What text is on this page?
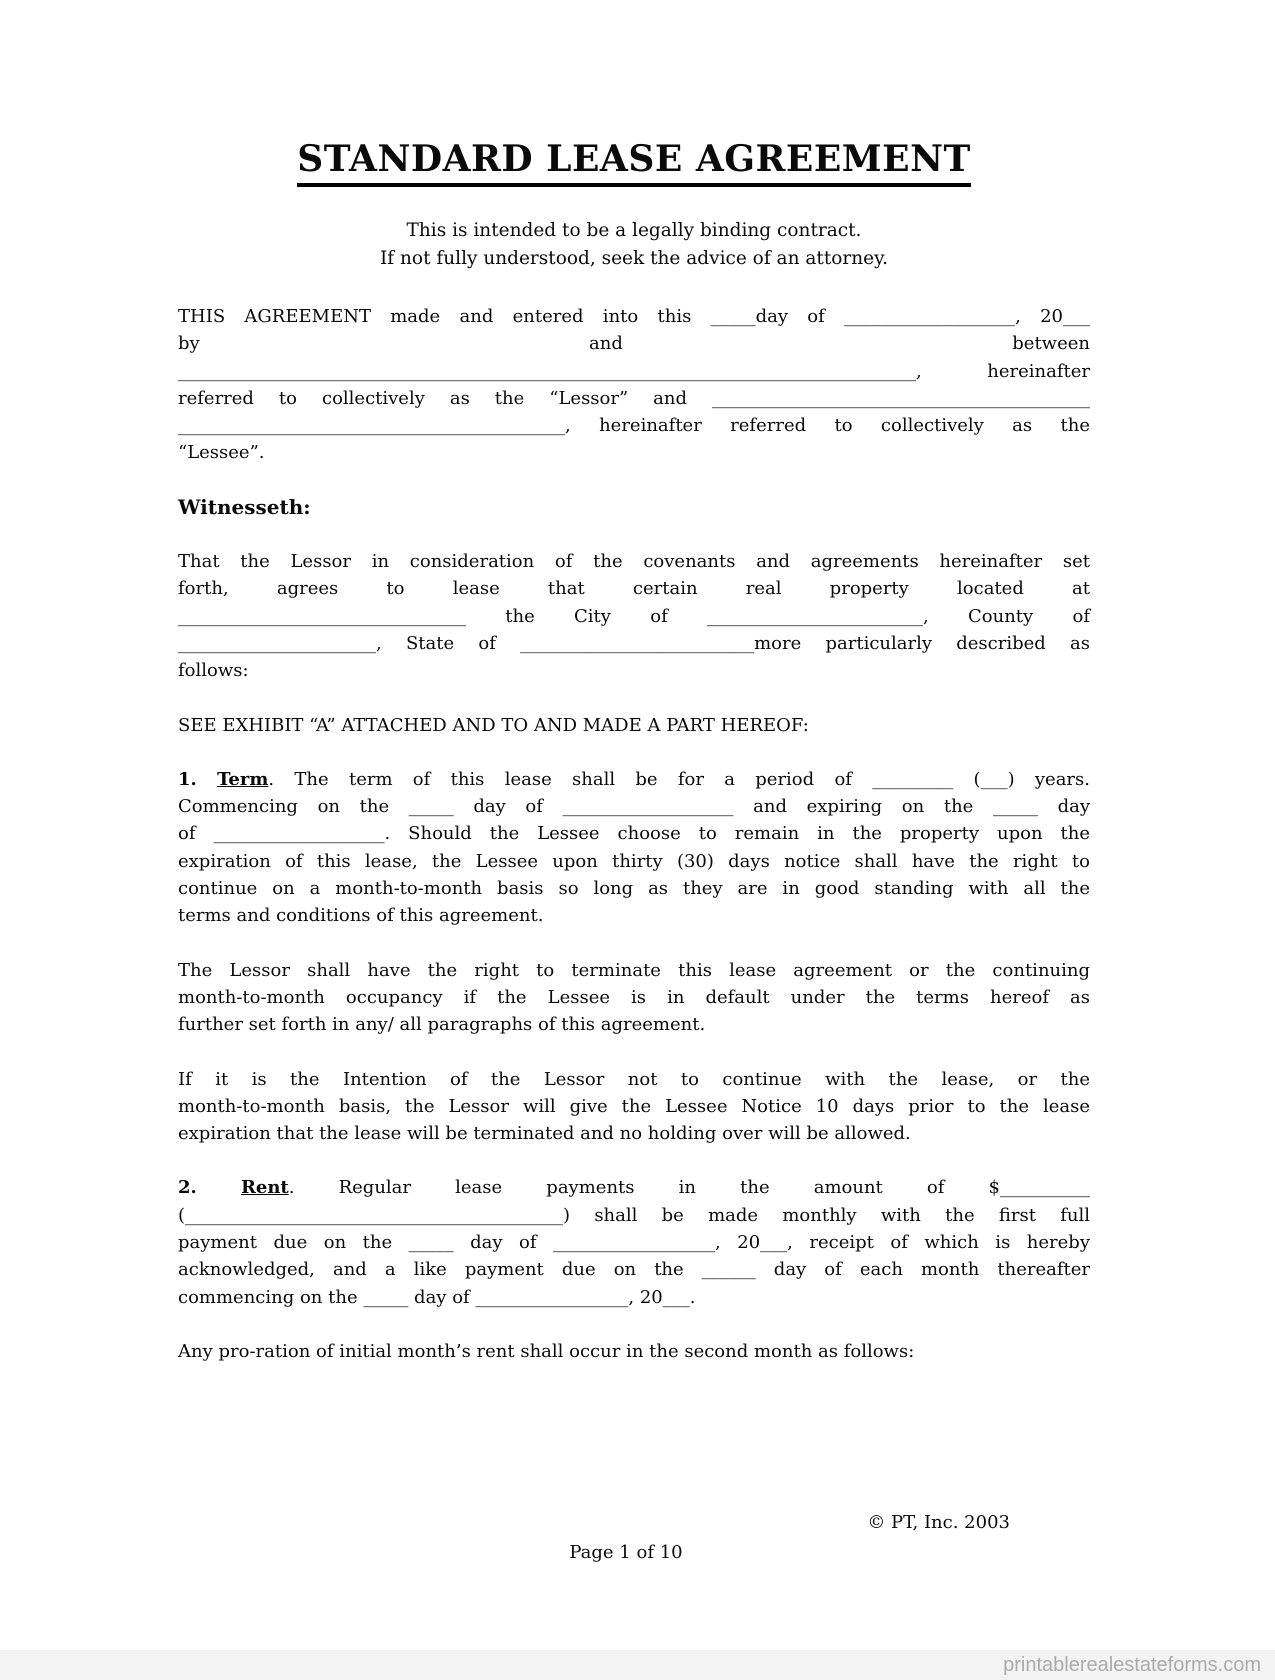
STANDARD LEASE AGREEMENT
This is intended to be a legally binding contract.
If not fully understood, seek the advice of an attorney.
THIS AGREEMENT made and entered into this _____day of ___________________, 20___
by and between
__________________________________________________________________________________, hereinafter
referred to collectively as the “Lessor” and __________________________________________
___________________________________________, hereinafter referred to collectively as the
“Lessee”.
Witnesseth:
That the Lessor in consideration of the covenants and agreements hereinafter set
forth, agrees to lease that certain real property located at
________________________________ the City of ________________________, County of
______________________, State of __________________________more particularly described as
follows:
SEE EXHIBIT “A” ATTACHED AND TO AND MADE A PART HEREOF:
1. Term. The term of this lease shall be for a period of _________ (___) years.
Commencing on the _____ day of ___________________ and expiring on the _____ day
of ___________________. Should the Lessee choose to remain in the property upon the
expiration of this lease, the Lessee upon thirty (30) days notice shall have the right to
continue on a month-to-month basis so long as they are in good standing with all the
terms and conditions of this agreement.
The Lessor shall have the right to terminate this lease agreement or the continuing
month-to-month occupancy if the Lessee is in default under the terms hereof as
further set forth in any/ all paragraphs of this agreement.
If it is the Intention of the Lessor not to continue with the lease, or the
month-to-month basis, the Lessor will give the Lessee Notice 10 days prior to the lease
expiration that the lease will be terminated and no holding over will be allowed.
2. Rent. Regular lease payments in the amount of $__________
(__________________________________________) shall be made monthly with the first full
payment due on the _____ day of __________________, 20___, receipt of which is hereby
acknowledged, and a like payment due on the ______ day of each month thereafter
commencing on the _____ day of _________________, 20___.
Any pro-ration of initial month’s rent shall occur in the second month as follows:
© PT, Inc. 2003
Page 1 of 10
printablerealestateforms.com
